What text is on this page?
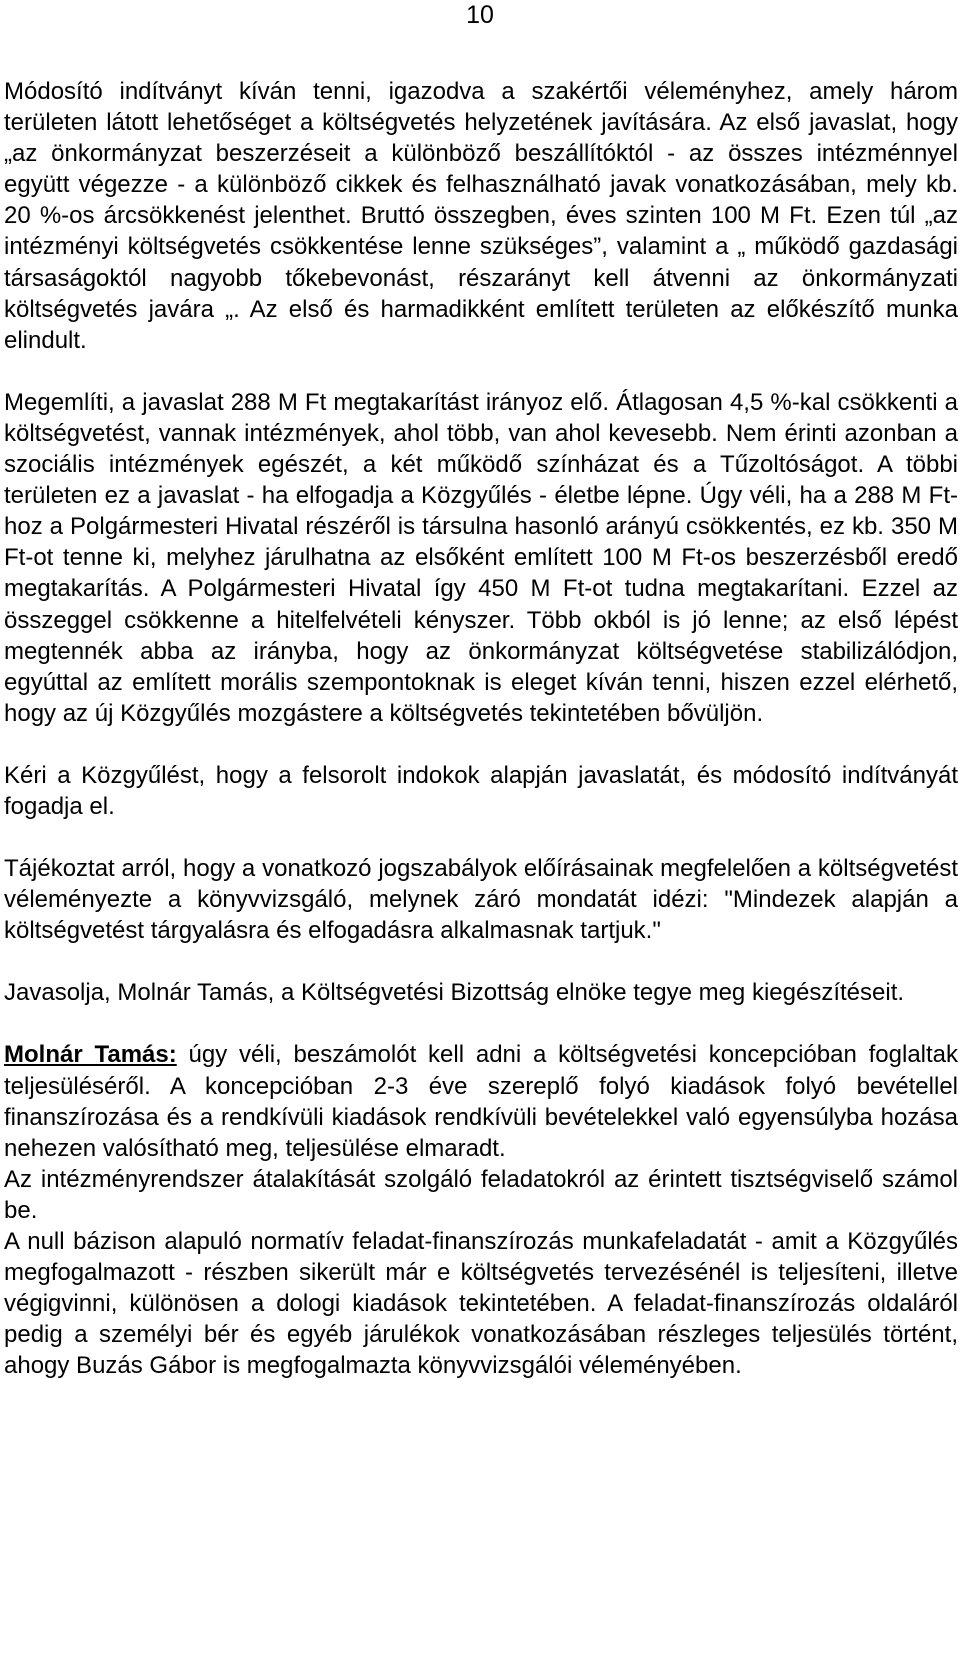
10

Módosító indítványt kíván tenni, igazodva a szakértői véleményhez, amely három területen látott lehetőséget a költségvetés helyzetének javítására. Az első javaslat, hogy „az önkormányzat beszerzéseit a különböző beszállítóktól - az összes intézménnyel együtt végezze - a különböző cikkek és felhasználható javak vonatkozásában, mely kb. 20 %-os árcsökkenést jelenthet. Bruttó összegben, éves szinten 100 M Ft. Ezen túl „az intézményi költségvetés csökkentése lenne szükséges”, valamint a „ működő gazdasági társaságoktól nagyobb tőkebevonást, részarányt kell átvenni az önkormányzati költségvetés javára „. Az első és harmadikként említett területen az előkészítő munka elindult.

Megemlíti, a javaslat 288 M Ft megtakarítást irányoz elő. Átlagosan 4,5 %-kal csökkenti a költségvetést, vannak intézmények, ahol több, van ahol kevesebb. Nem érinti azonban a szociális intézmények egészét, a két működő színházat és a Tűzoltóságot. A többi területen ez a javaslat - ha elfogadja a Közgyűlés - életbe lépne. Úgy véli, ha a 288 M Ft-hoz a Polgármesteri Hivatal részéről is társulna hasonló arányú csökkentés, ez kb. 350 M Ft-ot tenne ki, melyhez járulhatna az elsőként említett 100 M Ft-os beszerzésből eredő megtakarítás. A Polgármesteri Hivatal így 450 M Ft-ot tudna megtakarítani. Ezzel az összeggel csökkenne a hitelfelvételi kényszer. Több okból is jó lenne; az első lépést megtennék abba az irányba, hogy az önkormányzat költségvetése stabilizálódjon, egyúttal az említett morális szempontoknak is eleget kíván tenni, hiszen ezzel elérhető, hogy az új Közgyűlés mozgástere a költségvetés tekintetében bővüljön.

Kéri a Közgyűlést, hogy a felsorolt indokok alapján javaslatát, és módosító indítványát fogadja el.

Tájékoztat arról, hogy a vonatkozó jogszabályok előírásainak megfelelően a költségvetést véleményezte a könyvvizsgáló, melynek záró mondatát idézi: "Mindezek alapján a költségvetést tárgyalásra és elfogadásra alkalmasnak tartjuk."

Javasolja, Molnár Tamás, a Költségvetési Bizottság elnöke tegye meg kiegészítéseit.

Molnár Tamás: úgy véli, beszámolót kell adni a költségvetési koncepcióban foglaltak teljesüléséről. A koncepcióban 2-3 éve szereplő folyó kiadások folyó bevétellel finanszírozása és a rendkívüli kiadások rendkívüli bevételekkel való egyensúlyba hozása nehezen valósítható meg, teljesülése elmaradt.

Az intézményrendszer átalakítását szolgáló feladatokról az érintett tisztségviselő számol be.

A null bázison alapuló normatív feladat-finanszírozás munkafeladatát - amit a Közgyűlés megfogalmazott - részben sikerült már e költségvetés tervezésénél is teljesíteni, illetve végigvinni, különösen a dologi kiadások tekintetében. A feladat-finanszírozás oldaláról pedig a személyi bér és egyéb járulékok vonatkozásában részleges teljesülés történt, ahogy Buzás Gábor is megfogalmazta könyvvizsgálói véleményében.
